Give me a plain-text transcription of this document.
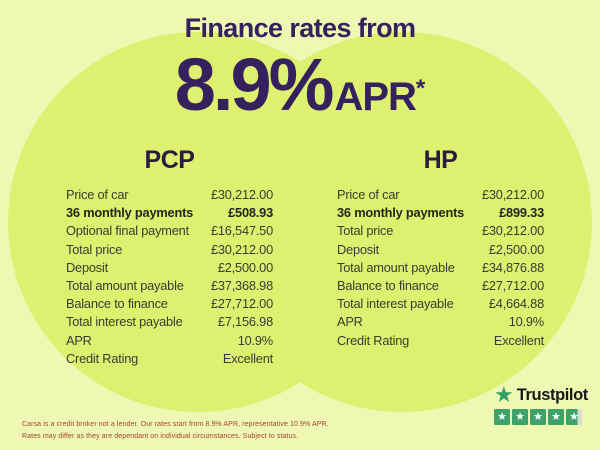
Finance rates from
8.9%APR*
PCP
Price of car	£30,212.00
36 monthly payments	£508.93
Optional final payment £16,547.50
Total price	£30,212.00
Deposit	£2,500.00
Total amount payable £37,368.98
Balance to finance	£27,712.00
Total interest payable	£7,156.98
APR	10.9%
Credit Rating	Excellent
HP
Price of car	£30,212.00
36 monthly payments	£899.33
Total price	£30,212.00
Deposit	£2,500.00
Total amount payable £34,876.88
Balance to finance	£27,712.00
Total interest payable	£4,664.88
APR	10.9%
Credit Rating	Excellent
Carsa is a credit broker not a lender. Our rates start from 8.9% APR, representative 10.9% APR.
Rates may differ as they are dependant on individual circumstances. Subject to status.
★ Trustpilot
★ ★ ★ ★ ★
